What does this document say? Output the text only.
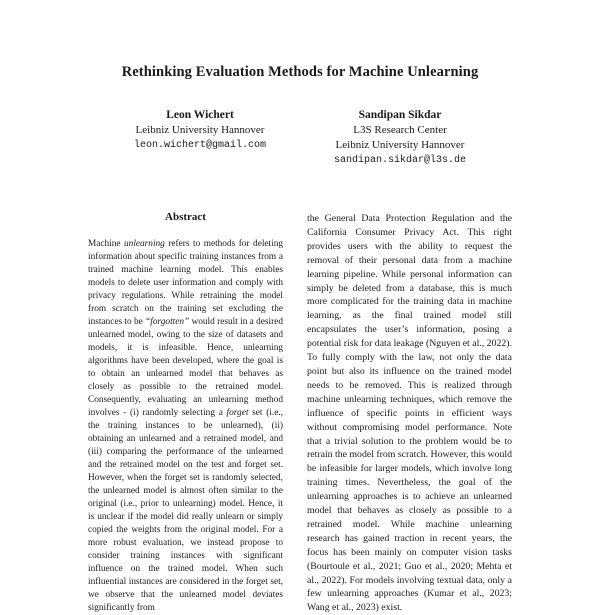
Rethinking Evaluation Methods for Machine Unlearning
Leon Wichert
Leibniz University Hannover
leon.wichert@gmail.com
Sandipan Sikdar
L3S Research Center
Leibniz University Hannover
sandipan.sikdar@l3s.de
Abstract

Machine unlearning refers to methods for deleting information about specific training instances from a trained machine learning model. This enables models to delete user information and comply with privacy regulations. While retraining the model from scratch on the training set excluding the instances to be “forgotten” would result in a desired unlearned model, owing to the size of datasets and models, it is infeasible. Hence, unlearning algorithms have been developed, where the goal is to obtain an unlearned model that behaves as closely as possible to the retrained model. Consequently, evaluating an unlearning method involves - (i) randomly selecting a forget set (i.e., the training instances to be unlearned), (ii) obtaining an unlearned and a retrained model, and (iii) comparing the performance of the unlearned and the retrained model on the test and forget set. However, when the forget set is randomly selected, the unlearned model is almost often similar to the original (i.e., prior to unlearning) model. Hence, it is unclear if the model did really unlearn or simply copied the weights from the original model. For a more robust evaluation, we instead propose to consider training instances with significant influence on the trained model. When such influential instances are considered in the forget set, we observe that the unlearned model deviates significantly from

the General Data Protection Regulation and the California Consumer Privacy Act. This right provides users with the ability to request the removal of their personal data from a machine learning pipeline. While personal information can simply be deleted from a database, this is much more complicated for the training data in machine learning, as the final trained model still encapsulates the user’s information, posing a potential risk for data leakage (Nguyen et al., 2022). To fully comply with the law, not only the data point but also its influence on the trained model needs to be removed. This is realized through machine unlearning techniques, which remove the influence of specific points in efficient ways without compromising model performance. Note that a trivial solution to the problem would be to retrain the model from scratch. However, this would be infeasible for larger models, which involve long training times. Nevertheless, the goal of the unlearning approaches is to achieve an unlearned model that behaves as closely as possible to a retrained model. While machine unlearning research has gained traction in recent years, the focus has been mainly on computer vision tasks (Bourtoule et al., 2021; Guo et al., 2020; Mehta et al., 2022). For models involving textual data, only a few unlearning approaches (Kumar et al., 2023; Wang et al., 2023) exist.
